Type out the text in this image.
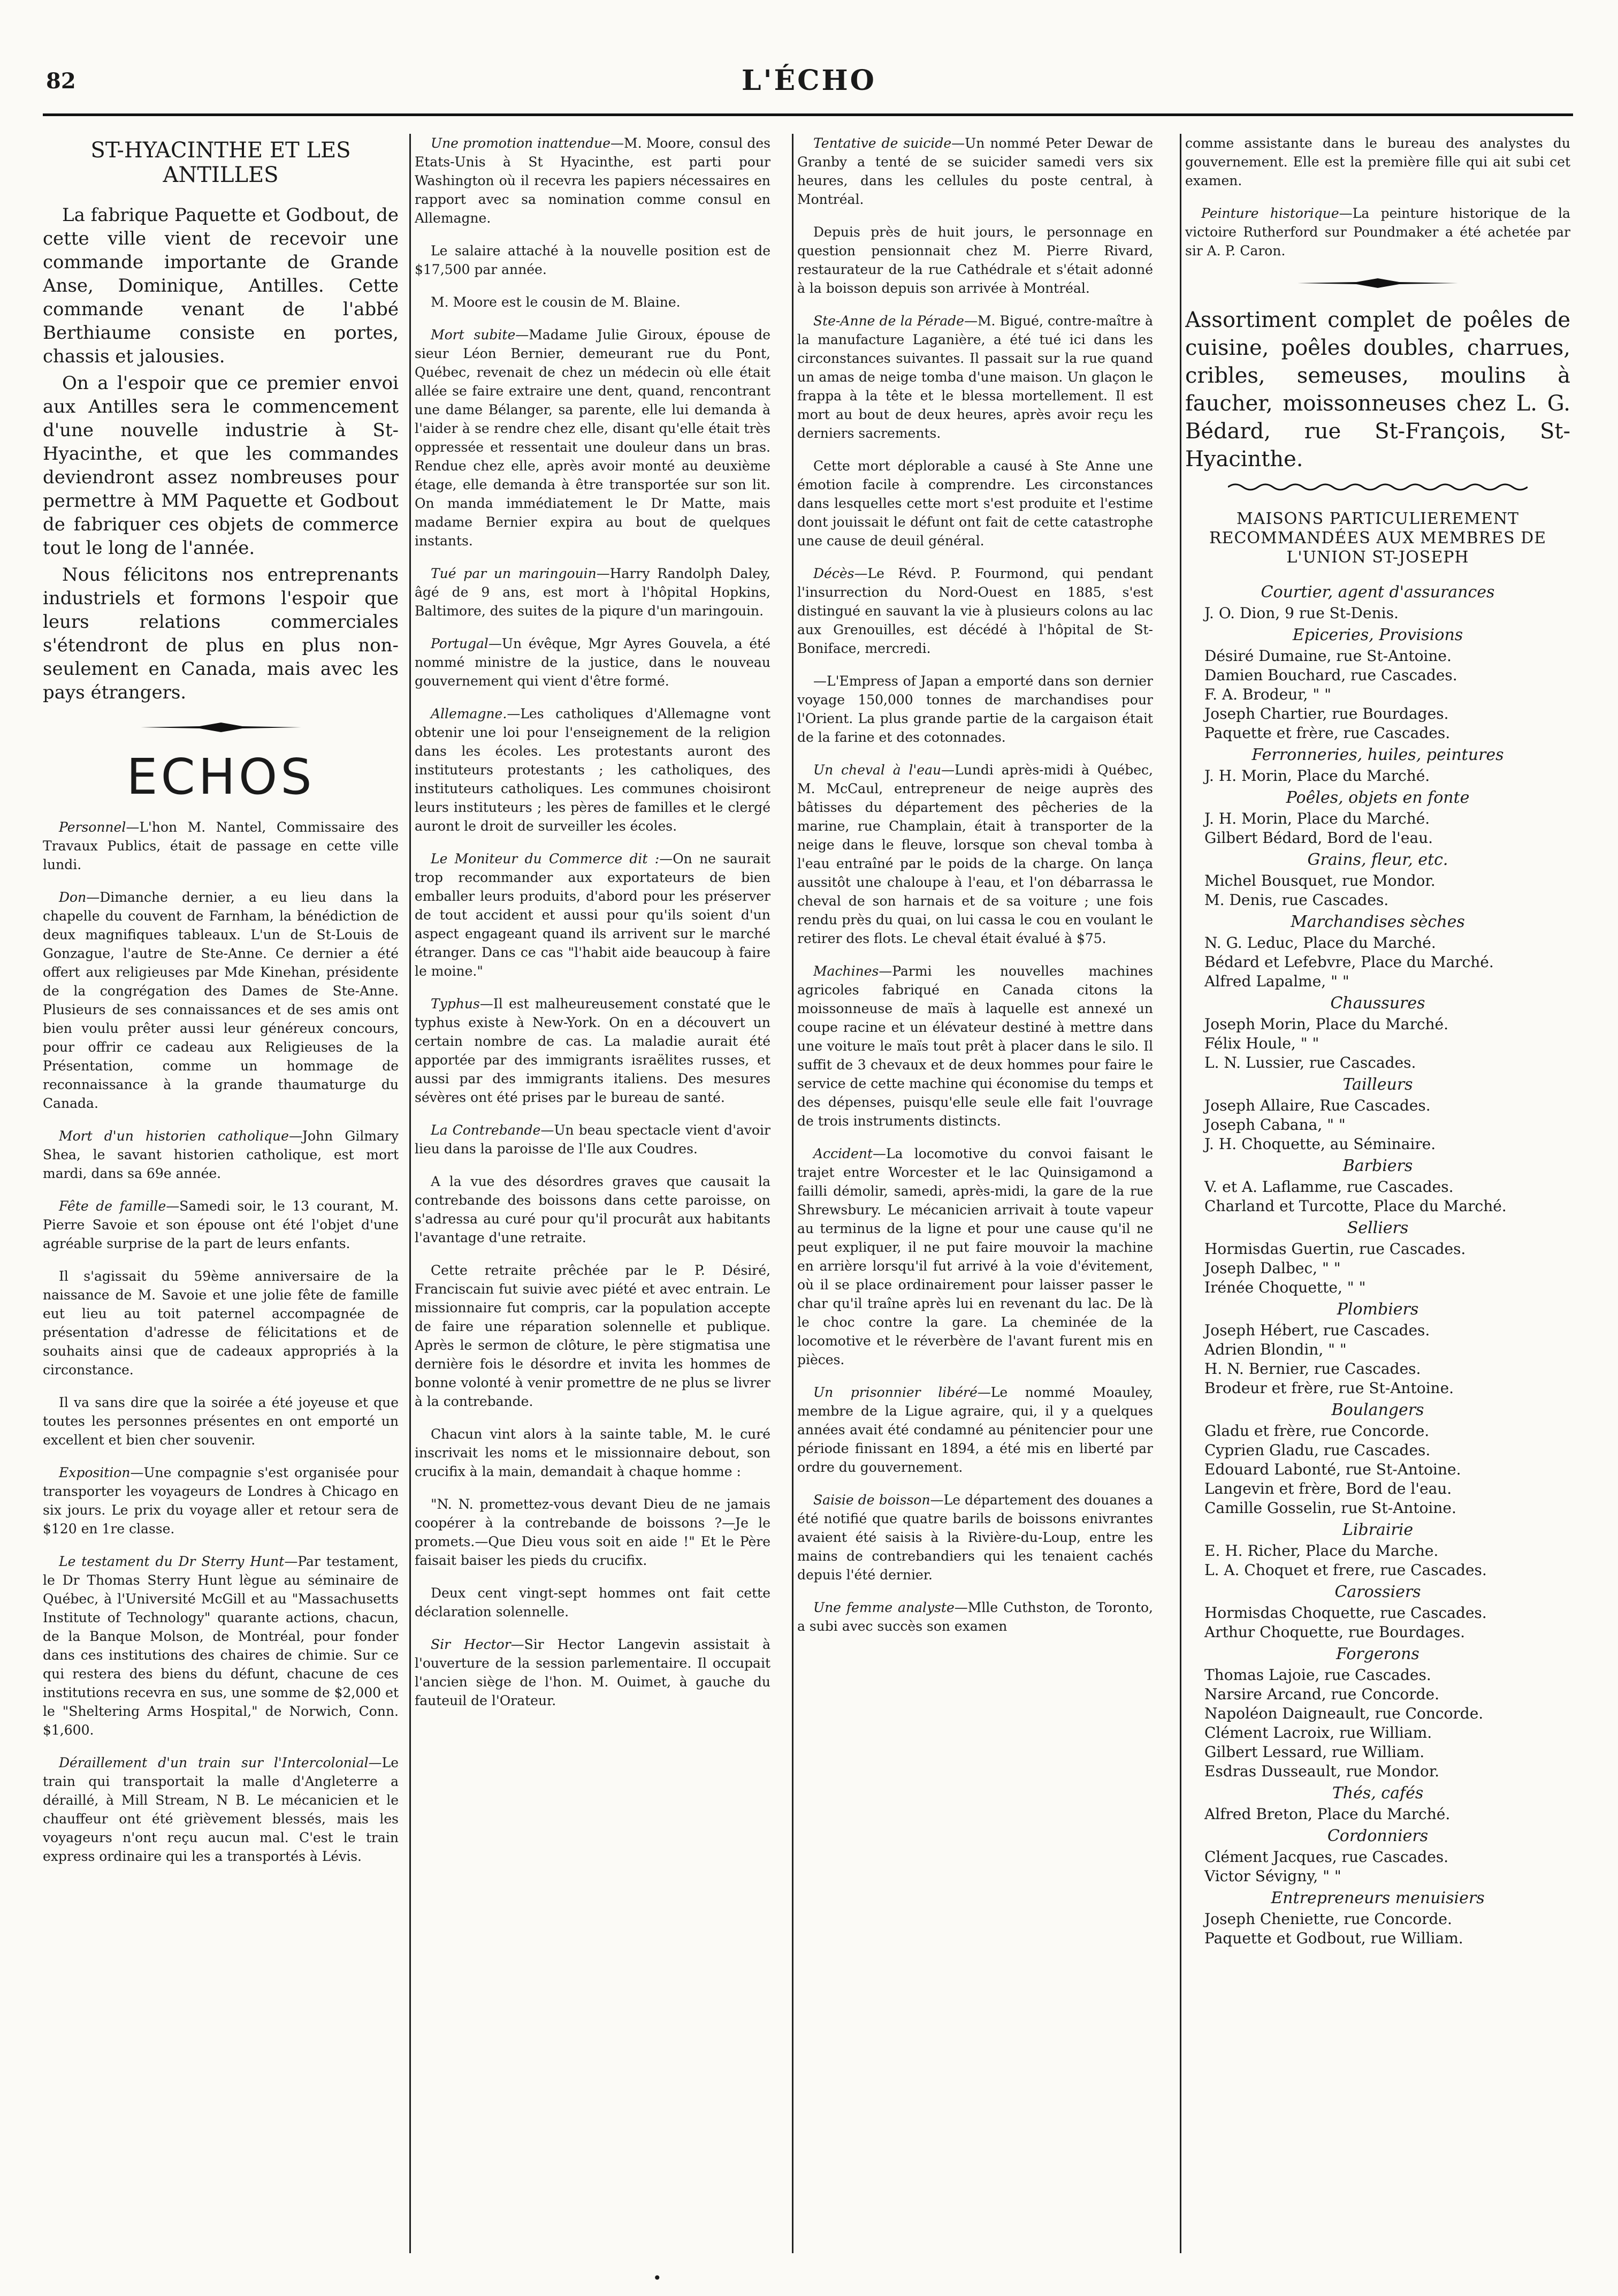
82	L'ÉCHO
ST-HYACINTHE ET LES ANTILLES

La fabrique Paquette et Godbout, de cette ville vient de recevoir une commande importante de Grande Anse, Dominique, Antilles. Cette commande venant de l'abbé Berthiaume consiste en portes, chassis et jalousies.

On a l'espoir que ce premier envoi aux Antilles sera le commencement d'une nouvelle industrie à St-Hyacinthe, et que les commandes deviendront assez nombreuses pour permettre à MM Paquette et Godbout de fabriquer ces objets de commerce tout le long de l'année.

Nous félicitons nos entreprenants industriels et formons l'espoir que leurs relations commerciales s'étendront de plus en plus non-seulement en Canada, mais avec les pays étrangers.

ECHOS

Personnel—L'hon M. Nantel, Commissaire des Travaux Publics, était de passage en cette ville lundi.

Don—Dimanche dernier, a eu lieu dans la chapelle du couvent de Farnham, la bénédiction de deux magnifiques tableaux. L'un de St-Louis de Gonzague, l'autre de Ste-Anne. Ce dernier a été offert aux religieuses par Mde Kinehan, présidente de la congrégation des Dames de Ste-Anne. Plusieurs de ses connaissances et de ses amis ont bien voulu prêter aussi leur généreux concours, pour offrir ce cadeau aux Religieuses de la Présentation, comme un hommage de reconnaissance à la grande thaumaturge du Canada.

Mort d'un historien catholique—John Gilmary Shea, le savant historien catholique, est mort mardi, dans sa 69e année.

Fête de famille—Samedi soir, le 13 courant, M. Pierre Savoie et son épouse ont été l'objet d'une agréable surprise de la part de leurs enfants.

Il s'agissait du 59ème anniversaire de la naissance de M. Savoie et une jolie fête de famille eut lieu au toit paternel accompagnée de présentation d'adresse de félicitations et de souhaits ainsi que de cadeaux appropriés à la circonstance.

Il va sans dire que la soirée a été joyeuse et que toutes les personnes présentes en ont emporté un excellent et bien cher souvenir.

Exposition—Une compagnie s'est organisée pour transporter les voyageurs de Londres à Chicago en six jours. Le prix du voyage aller et retour sera de $120 en 1re classe.

Le testament du Dr Sterry Hunt—Par testament, le Dr Thomas Sterry Hunt lègue au séminaire de Québec, à l'Université McGill et au "Massachusetts Institute of Technology" quarante actions, chacun, de la Banque Molson, de Montréal, pour fonder dans ces institutions des chaires de chimie. Sur ce qui restera des biens du défunt, chacune de ces institutions recevra en sus, une somme de $2,000 et le "Sheltering Arms Hospital," de Norwich, Conn. $1,600.

Déraillement d'un train sur l'Intercolonial—Le train qui transportait la malle d'Angleterre a déraillé, à Mill Stream, N B. Le mécanicien et le chauffeur ont été grièvement blessés, mais les voyageurs n'ont reçu aucun mal. C'est le train express ordinaire qui les a transportés à Lévis.

Une promotion inattendue—M. Moore, consul des Etats-Unis à St Hyacinthe, est parti pour Washington où il recevra les papiers nécessaires en rapport avec sa nomination comme consul en Allemagne.

Le salaire attaché à la nouvelle position est de $17,500 par année.

M. Moore est le cousin de M. Blaine.

Mort subite—Madame Julie Giroux, épouse de sieur Léon Bernier, demeurant rue du Pont, Québec, revenait de chez un médecin où elle était allée se faire extraire une dent, quand, rencontrant une dame Bélanger, sa parente, elle lui demanda à l'aider à se rendre chez elle, disant qu'elle était très oppressée et ressentait une douleur dans un bras. Rendue chez elle, après avoir monté au deuxième étage, elle demanda à être transportée sur son lit. On manda immédiatement le Dr Matte, mais madame Bernier expira au bout de quelques instants.

Tué par un maringouin—Harry Randolph Daley, âgé de 9 ans, est mort à l'hôpital Hopkins, Baltimore, des suites de la piqure d'un maringouin.

Portugal—Un évêque, Mgr Ayres Gouvela, a été nommé ministre de la justice, dans le nouveau gouvernement qui vient d'être formé.

Allemagne.—Les catholiques d'Allemagne vont obtenir une loi pour l'enseignement de la religion dans les écoles. Les protestants auront des instituteurs protestants ; les catholiques, des instituteurs catholiques. Les communes choisiront leurs instituteurs ; les pères de familles et le clergé auront le droit de surveiller les écoles.

Le Moniteur du Commerce dit :—On ne saurait trop recommander aux exportateurs de bien emballer leurs produits, d'abord pour les préserver de tout accident et aussi pour qu'ils soient d'un aspect engageant quand ils arrivent sur le marché étranger. Dans ce cas "l'habit aide beaucoup à faire le moine."

Typhus—Il est malheureusement constaté que le typhus existe à New-York. On en a découvert un certain nombre de cas. La maladie aurait été apportée par des immigrants israëlites russes, et aussi par des immigrants italiens. Des mesures sévères ont été prises par le bureau de santé.

La Contrebande—Un beau spectacle vient d'avoir lieu dans la paroisse de l'Ile aux Coudres.

A la vue des désordres graves que causait la contrebande des boissons dans cette paroisse, on s'adressa au curé pour qu'il procurât aux habitants l'avantage d'une retraite.

Cette retraite prêchée par le P. Désiré, Franciscain fut suivie avec piété et avec entrain. Le missionnaire fut compris, car la population accepte de faire une réparation solennelle et publique. Après le sermon de clôture, le père stigmatisa une dernière fois le désordre et invita les hommes de bonne volonté à venir promettre de ne plus se livrer à la contrebande.

Chacun vint alors à la sainte table, M. le curé inscrivait les noms et le missionnaire debout, son crucifix à la main, demandait à chaque homme :

"N. N. promettez-vous devant Dieu de ne jamais coopérer à la contrebande de boissons ?—Je le promets.—Que Dieu vous soit en aide !" Et le Père faisait baiser les pieds du crucifix.

Deux cent vingt-sept hommes ont fait cette déclaration solennelle.

Sir Hector—Sir Hector Langevin assistait à l'ouverture de la session parlementaire. Il occupait l'ancien siège de l'hon. M. Ouimet, à gauche du fauteuil de l'Orateur.

Tentative de suicide—Un nommé Peter Dewar de Granby a tenté de se suicider samedi vers six heures, dans les cellules du poste central, à Montréal.

Depuis près de huit jours, le personnage en question pensionnait chez M. Pierre Rivard, restaurateur de la rue Cathédrale et s'était adonné à la boisson depuis son arrivée à Montréal.

Ste-Anne de la Pérade—M. Bigué, contre-maître à la manufacture Laganière, a été tué ici dans les circonstances suivantes. Il passait sur la rue quand un amas de neige tomba d'une maison. Un glaçon le frappa à la tête et le blessa mortellement. Il est mort au bout de deux heures, après avoir reçu les derniers sacrements.

Cette mort déplorable a causé à Ste Anne une émotion facile à comprendre. Les circonstances dans lesquelles cette mort s'est produite et l'estime dont jouissait le défunt ont fait de cette catastrophe une cause de deuil général.

Décès—Le Révd. P. Fourmond, qui pendant l'insurrection du Nord-Ouest en 1885, s'est distingué en sauvant la vie à plusieurs colons au lac aux Grenouilles, est décédé à l'hôpital de St-Boniface, mercredi.

—L'Empress of Japan a emporté dans son dernier voyage 150,000 tonnes de marchandises pour l'Orient. La plus grande partie de la cargaison était de la farine et des cotonnades.

Un cheval à l'eau—Lundi après-midi à Québec, M. McCaul, entrepreneur de neige auprès des bâtisses du département des pêcheries de la marine, rue Champlain, était à transporter de la neige dans le fleuve, lorsque son cheval tomba à l'eau entraîné par le poids de la charge. On lança aussitôt une chaloupe à l'eau, et l'on débarrassa le cheval de son harnais et de sa voiture ; une fois rendu près du quai, on lui cassa le cou en voulant le retirer des flots. Le cheval était évalué à $75.

Machines—Parmi les nouvelles machines agricoles fabriqué en Canada citons la moissonneuse de maïs à laquelle est annexé un coupe racine et un élévateur destiné à mettre dans une voiture le maïs tout prêt à placer dans le silo. Il suffit de 3 chevaux et de deux hommes pour faire le service de cette machine qui économise du temps et des dépenses, puisqu'elle seule elle fait l'ouvrage de trois instruments distincts.

Accident—La locomotive du convoi faisant le trajet entre Worcester et le lac Quinsigamond a failli démolir, samedi, après-midi, la gare de la rue Shrewsbury. Le mécanicien arrivait à toute vapeur au terminus de la ligne et pour une cause qu'il ne peut expliquer, il ne put faire mouvoir la machine en arrière lorsqu'il fut arrivé à la voie d'évitement, où il se place ordinairement pour laisser passer le char qu'il traîne après lui en revenant du lac. De là le choc contre la gare. La cheminée de la locomotive et le réverbère de l'avant furent mis en pièces.

Un prisonnier libéré—Le nommé Moauley, membre de la Ligue agraire, qui, il y a quelques années avait été condamné au pénitencier pour une période finissant en 1894, a été mis en liberté par ordre du gouvernement.

Saisie de boisson—Le département des douanes a été notifié que quatre barils de boissons enivrantes avaient été saisis à la Rivière-du-Loup, entre les mains de contrebandiers qui les tenaient cachés depuis l'été dernier.

Une femme analyste—Mlle Cuthston, de Toronto, a subi avec succès son examen

comme assistante dans le bureau des analystes du gouvernement. Elle est la première fille qui ait subi cet examen.

Peinture historique—La peinture historique de la victoire Rutherford sur Poundmaker a été achetée par sir A. P. Caron.

Assortiment complet de poêles de cuisine, poêles doubles, charrues, cribles, semeuses, moulins à faucher, moissonneuses chez L. G. Bédard, rue St-François, St-Hyacinthe.

MAISONS PARTICULIEREMENT RECOMMANDÉES AUX MEMBRES DE L'UNION ST-JOSEPH
Courtier, agent d'assurances
J. O. Dion, 9 rue St-Denis.
Epiceries, Provisions
Désiré Dumaine, rue St-Antoine.
Damien Bouchard, rue Cascades.
F. A. Brodeur, " "
Joseph Chartier, rue Bourdages.
Paquette et frère, rue Cascades.
Ferronneries, huiles, peintures
J. H. Morin, Place du Marché.
Poêles, objets en fonte
J. H. Morin, Place du Marché.
Gilbert Bédard, Bord de l'eau.
Grains, fleur, etc.
Michel Bousquet, rue Mondor.
M. Denis, rue Cascades.
Marchandises sèches
N. G. Leduc, Place du Marché.
Bédard et Lefebvre, Place du Marché.
Alfred Lapalme, " "
Chaussures
Joseph Morin, Place du Marché.
Félix Houle, " "
L. N. Lussier, rue Cascades.
Tailleurs
Joseph Allaire, Rue Cascades.
Joseph Cabana, " "
J. H. Choquette, au Séminaire.
Barbiers
V. et A. Laflamme, rue Cascades.
Charland et Turcotte, Place du Marché.
Selliers
Hormisdas Guertin, rue Cascades.
Joseph Dalbec, " "
Irénée Choquette, " "
Plombiers
Joseph Hébert, rue Cascades.
Adrien Blondin, " "
H. N. Bernier, rue Cascades.
Brodeur et frère, rue St-Antoine.
Boulangers
Gladu et frère, rue Concorde.
Cyprien Gladu, rue Cascades.
Edouard Labonté, rue St-Antoine.
Langevin et frère, Bord de l'eau.
Camille Gosselin, rue St-Antoine.
Librairie
E. H. Richer, Place du Marche.
L. A. Choquet et frere, rue Cascades.
Carossiers
Hormisdas Choquette, rue Cascades.
Arthur Choquette, rue Bourdages.
Forgerons
Thomas Lajoie, rue Cascades.
Narsire Arcand, rue Concorde.
Napoléon Daigneault, rue Concorde.
Clément Lacroix, rue William.
Gilbert Lessard, rue William.
Esdras Dusseault, rue Mondor.
Thés, cafés
Alfred Breton, Place du Marché.
Cordonniers
Clément Jacques, rue Cascades.
Victor Sévigny, " "
Entrepreneurs menuisiers
Joseph Cheniette, rue Concorde.
Paquette et Godbout, rue William.
•
